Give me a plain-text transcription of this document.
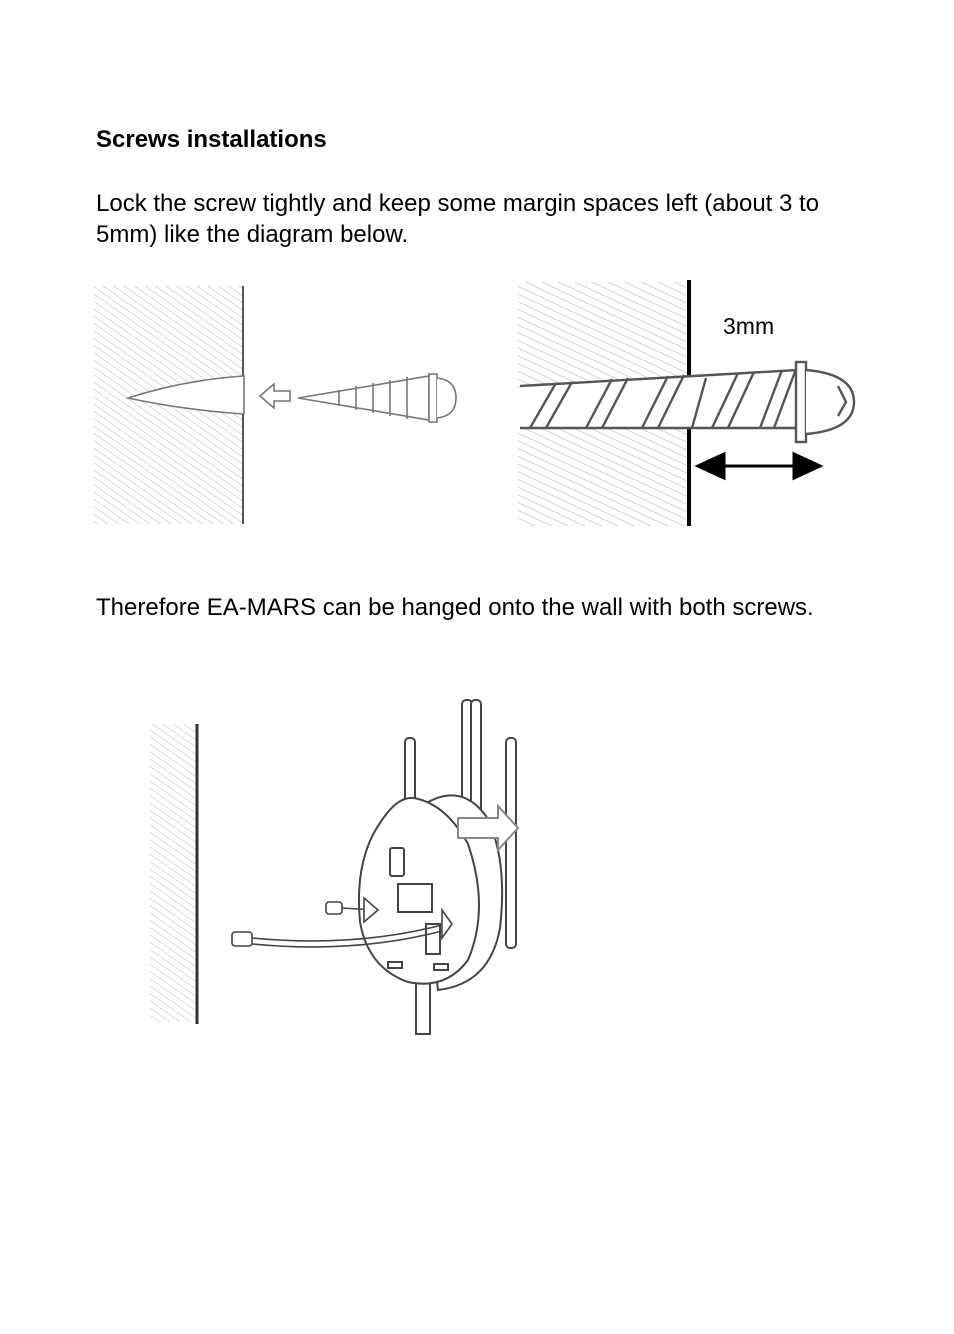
Screws installations

Lock the screw tightly and keep some margin spaces left (about 3 to 5mm) like the diagram below.

3mm

Therefore EA-MARS can be hanged onto the wall with both screws.
